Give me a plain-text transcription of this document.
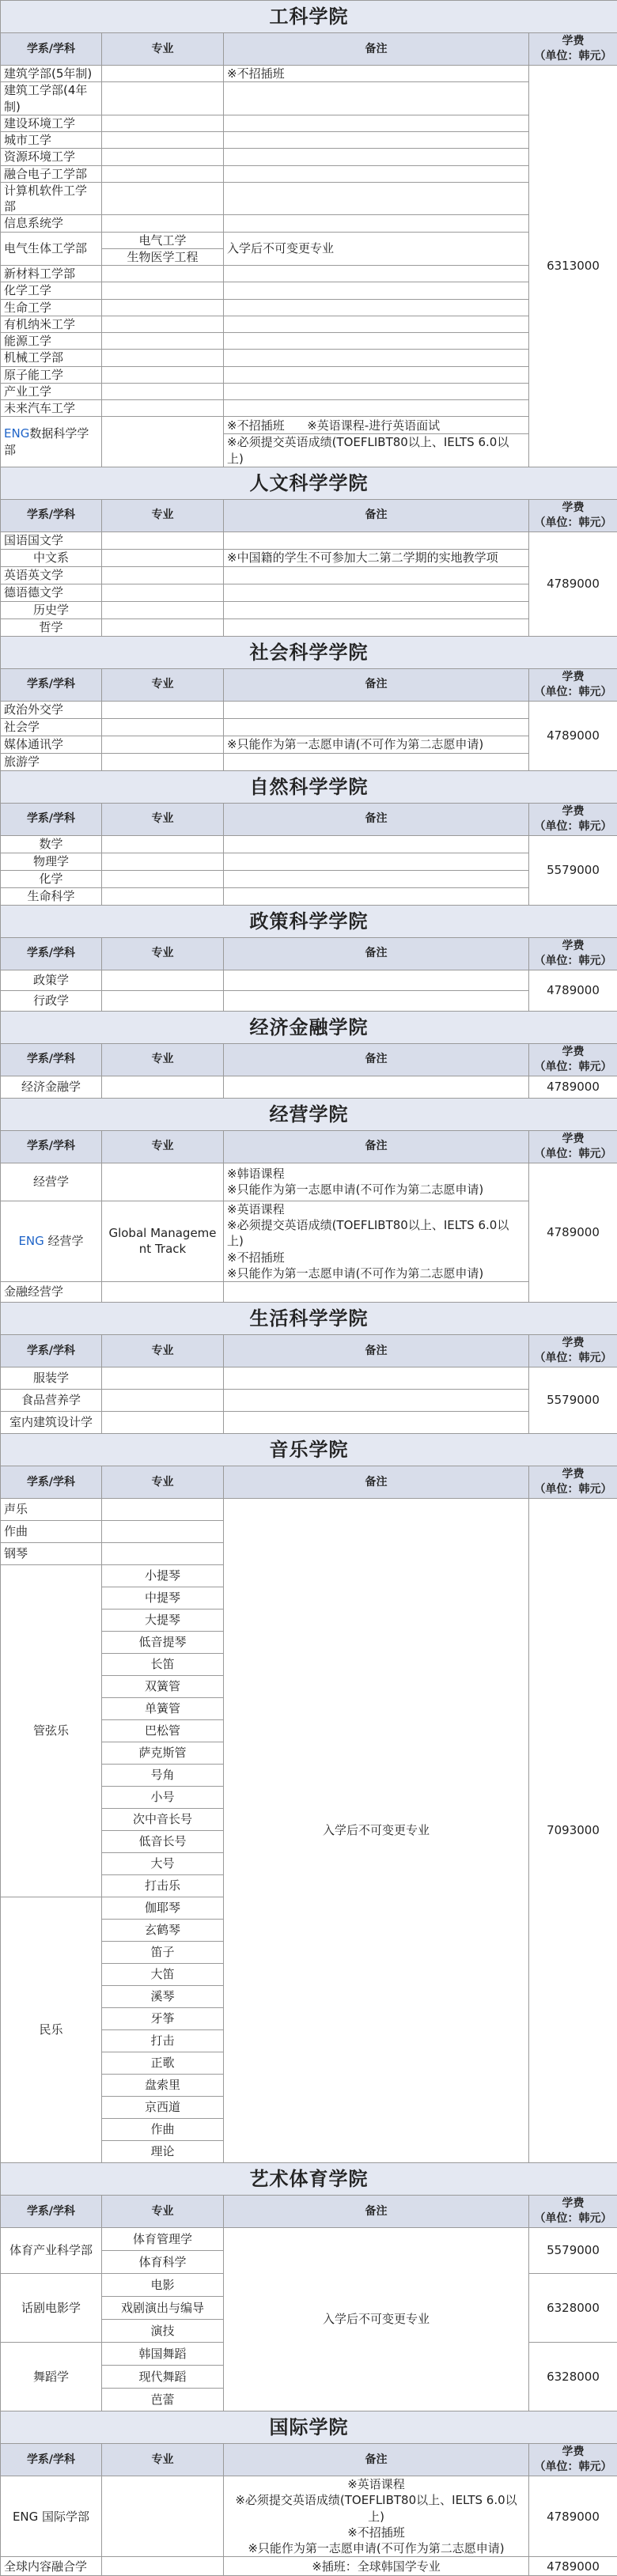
工科学院			
学系/学科	专业	备注	学费
（单位：韩元）

建筑学部(5年制)		※不招插班	6313000
建筑工学部(4年制)			
建设环境工学			
城市工学			
资源环境工学			
融合电子工学部			
计算机软件工学部			
信息系统学			
电气生体工学部	电气工学	入学后不可变更专业	
	生物医学工程		
新材料工学部			
化学工学			
生命工学			
有机纳米工学			
能源工学			
机械工学部			
原子能工学			
产业工学			
未来汽车工学			
ENG数据科学学部		※不招插班 ※英语课程-进行英语面试	
		※必须提交英语成绩(TOEFLIBT80以上、IELTS 6.0以上)	
人文科学学院			
学系/学科	专业	备注	学费
（单位：韩元）

国语国文学			4789000
中文系		※中国籍的学生不可参加大二第二学期的实地教学项	
英语英文学			
德语德文学			
历史学			
哲学			
社会科学学院			
学系/学科	专业	备注	学费
（单位：韩元）

政治外交学			4789000
社会学			
媒体通讯学		※只能作为第一志愿申请(不可作为第二志愿申请)	
旅游学			
自然科学学院			
学系/学科	专业	备注	学费
（单位：韩元）

数学			5579000
物理学			
化学			
生命科学			
政策科学学院			
学系/学科	专业	备注	学费
（单位：韩元）

政策学			4789000
行政学			
经济金融学院			
学系/学科	专业	备注	学费
（单位：韩元）

经济金融学			4789000
经营学院			
学系/学科	专业	备注	学费
（单位：韩元）

经营学		※韩语课程
※只能作为第一志愿申请(不可作为第二志愿申请)	4789000
ENG 经营学	Global Management Track	※英语课程
※必须提交英语成绩(TOEFLIBT80以上、IELTS 6.0以上)
※不招插班
※只能作为第一志愿申请(不可作为第二志愿申请)	

金融经营学			
生活科学学院			
学系/学科	专业	备注	学费
（单位：韩元）

服装学			5579000
食品营养学			
室内建筑设计学			
音乐学院			
学系/学科	专业	备注	学费
（单位：韩元）

声乐		入学后不可变更专业	7093000
作曲			
钢琴			
管弦乐	小提琴		
	中提琴		
	大提琴		
	低音提琴		
	长笛		
	双簧管		
	单簧管		
	巴松管		
	萨克斯管		
	号角		
	小号		
	次中音长号		
	低音长号		
	大号		
	打击乐		
民乐	伽耶琴		
	玄鹤琴		
	笛子		
	大笛		
	溪琴		
	牙筝		
	打击		
	正歌		
	盘索里		
	京西道		
	作曲		
	理论		
艺术体育学院			
学系/学科	专业	备注	学费
（单位：韩元）

体育产业科学部	体育管理学	入学后不可变更专业	5579000
	体育科学		
话剧电影学	电影		6328000
	戏剧演出与编导		
	演技		
舞蹈学	韩国舞蹈		6328000
	现代舞蹈		
	芭蕾		
国际学院			
学系/学科	专业	备注	学费
（单位：韩元）

ENG 国际学部		※英语课程
※必须提交英语成绩(TOEFLIBT80以上、IELTS 6.0以上)
※不招插班
※只能作为第一志愿申请(不可作为第二志愿申请)	4789000
全球内容融合学		※插班：全球韩国学专业	4789000
